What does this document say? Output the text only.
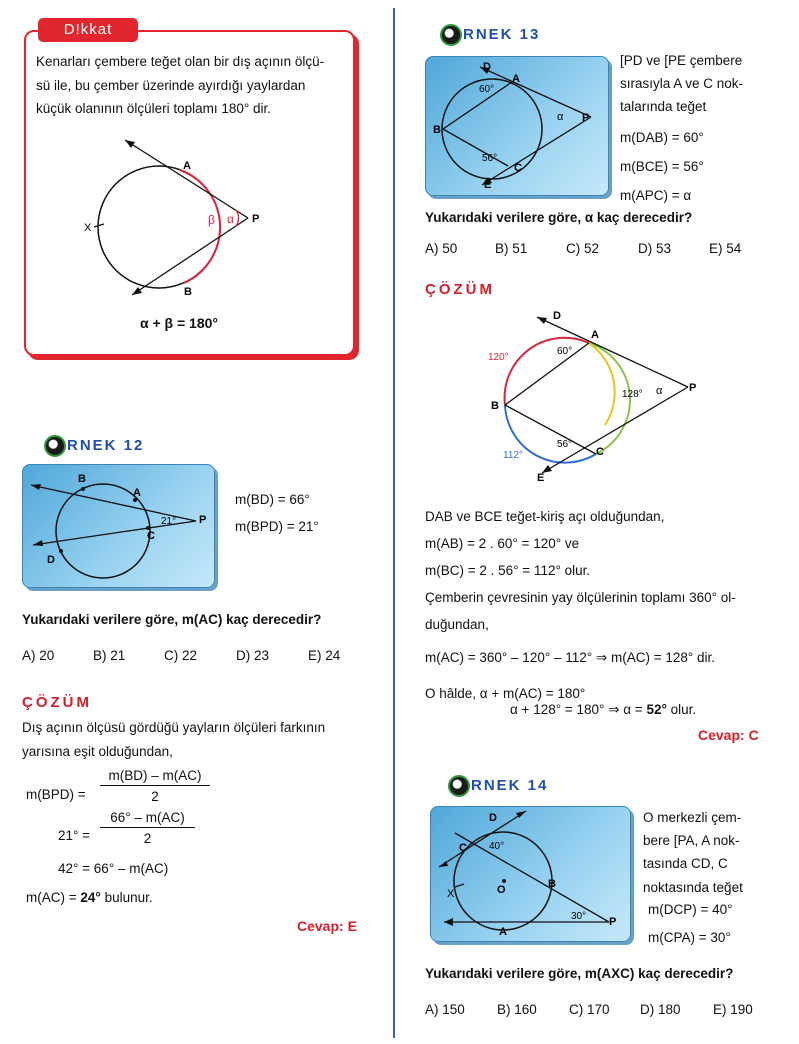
D!kkat
Kenarları çembere teğet olan bir dış açının ölçü-
sü ile, bu çember üzerinde ayırdığı yaylardan
küçük olanının ölçüleri toplamı 180° dir.
A
B
P
X
β α
α + β = 180°
RNEK 12
B
A
C
D
P
21°
m(BD) = 66°
m(BPD) = 21°
Yukarıdaki verilere göre, m(AC) kaç derecedir?
A) 20	B) 21	C) 22	D) 23	E) 24
ÇÖZÜM
Dış açının ölçüsü gördüğü yayların ölçüleri farkının
yarısına eşit olduğundan,
$m(BPD) = \frac{m(BD) - m(AC)}{2}$
$21^\circ = \frac{66^\circ - m(AC)}{2}$
42° = 66° – m(AC)
m(AC) = 24° bulunur.
Cevap: E
RNEK 13
D
A
B
C
E
P
60°
56°
α
[PD ve [PE çembere
sırasıyla A ve C nok-
talarında teğet
m(DAB) = 60°
m(BCE) = 56°
m(APC) = α
Yukarıdaki verilere göre, α kaç derecedir?
A) 50	B) 51	C) 52	D) 53	E) 54
ÇÖZÜM
D
A
B
C
E
P
60°
56°
α
120°
112°
128°
DAB ve BCE teğet-kiriş açı olduğundan,
m(AB) = 2 . 60° = 120° ve
m(BC) = 2 . 56° = 112° olur.
Çemberin çevresinin yay ölçülerinin toplamı 360° ol-
duğundan,
m(AC) = 360° – 120° – 112° ⇒ m(AC) = 128° dir.
O hâlde, α + m(AC) = 180°
α + 128° = 180° ⇒ α = 52° olur.
Cevap: C
RNEK 14
D
C
X	O	B
A
P
40°
30°
O merkezli çem-
bere [PA, A nok-
tasında CD, C
noktasında teğet
m(DCP) = 40°
m(CPA) = 30°
Yukarıdaki verilere göre, m(AXC) kaç derecedir?
A) 150 B) 160 C) 170 D) 180 E) 190
